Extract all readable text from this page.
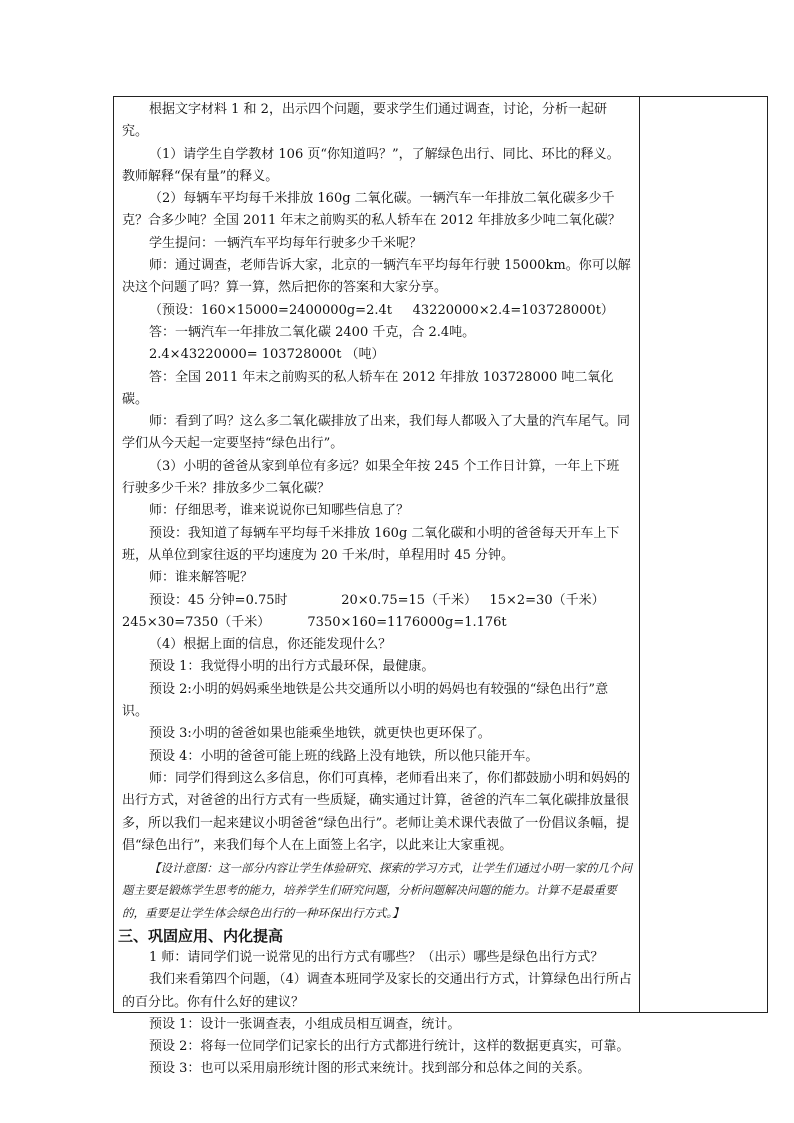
根据文字材料 1 和 2，出示四个问题，要求学生们通过调查，讨论，分析一起研究。

（1）请学生自学教材 106 页“你知道吗？”，了解绿色出行、同比、环比的释义。教师解释“保有量”的释义。

（2）每辆车平均每千米排放 160g 二氧化碳。一辆汽车一年排放二氧化碳多少千克？合多少吨？全国 2011 年末之前购买的私人轿车在 2012 年排放多少吨二氧化碳？

学生提问：一辆汽车平均每年行驶多少千米呢？

师：通过调查，老师告诉大家，北京的一辆汽车平均每年行驶 15000km。你可以解决这个问题了吗？算一算，然后把你的答案和大家分享。

（预设：160×15000=2400000g=2.4t     43220000×2.4=103728000t）

答：一辆汽车一年排放二氧化碳 2400 千克，合 2.4吨。

2.4×43220000= 103728000t （吨）

答：全国 2011 年末之前购买的私人轿车在 2012 年排放 103728000 吨二氧化碳。

师：看到了吗？这么多二氧化碳排放了出来，我们每人都吸入了大量的汽车尾气。同学们从今天起一定要坚持“绿色出行”。

（3）小明的爸爸从家到单位有多远？如果全年按 245 个工作日计算，一年上下班行驶多少千米？排放多少二氧化碳？

师：仔细思考，谁来说说你已知哪些信息了？

预设：我知道了每辆车平均每千米排放 160g 二氧化碳和小明的爸爸每天开车上下班，从单位到家往返的平均速度为 20 千米/时，单程用时 45 分钟。

师：谁来解答呢？

预设：45 分钟=0.75时             20×0.75=15（千米）   15×2=30（千米）

245×30=7350（千米）         7350×160=1176000g=1.176t

（4）根据上面的信息，你还能发现什么？

预设 1：我觉得小明的出行方式最环保，最健康。

预设 2:小明的妈妈乘坐地铁是公共交通所以小明的妈妈也有较强的“绿色出行”意识。

预设 3:小明的爸爸如果也能乘坐地铁，就更快也更环保了。

预设 4：小明的爸爸可能上班的线路上没有地铁，所以他只能开车。

师：同学们得到这么多信息，你们可真棒，老师看出来了，你们都鼓励小明和妈妈的出行方式，对爸爸的出行方式有一些质疑，确实通过计算，爸爸的汽车二氧化碳排放量很多，所以我们一起来建议小明爸爸“绿色出行”。老师让美术课代表做了一份倡议条幅，提倡“绿色出行”，来我们每个人在上面签上名字，以此来让大家重视。

【设计意图：这一部分内容让学生体验研究、探索的学习方式，让学生们通过小明一家的几个问题主要是锻炼学生思考的能力，培养学生们研究问题，分析问题解决问题的能力。计算不是最重要的，重要是让学生体会绿色出行的一种环保出行方式。】

三、巩固应用、内化提高

1 师：请同学们说一说常见的出行方式有哪些？（出示）哪些是绿色出行方式？

我们来看第四个问题，（4）调查本班同学及家长的交通出行方式，计算绿色出行所占的百分比。你有什么好的建议？

预设 1：设计一张调查表，小组成员相互调查，统计。

预设 2：将每一位同学们记家长的出行方式都进行统计，这样的数据更真实，可靠。

预设 3：也可以采用扇形统计图的形式来统计。找到部分和总体之间的关系。
